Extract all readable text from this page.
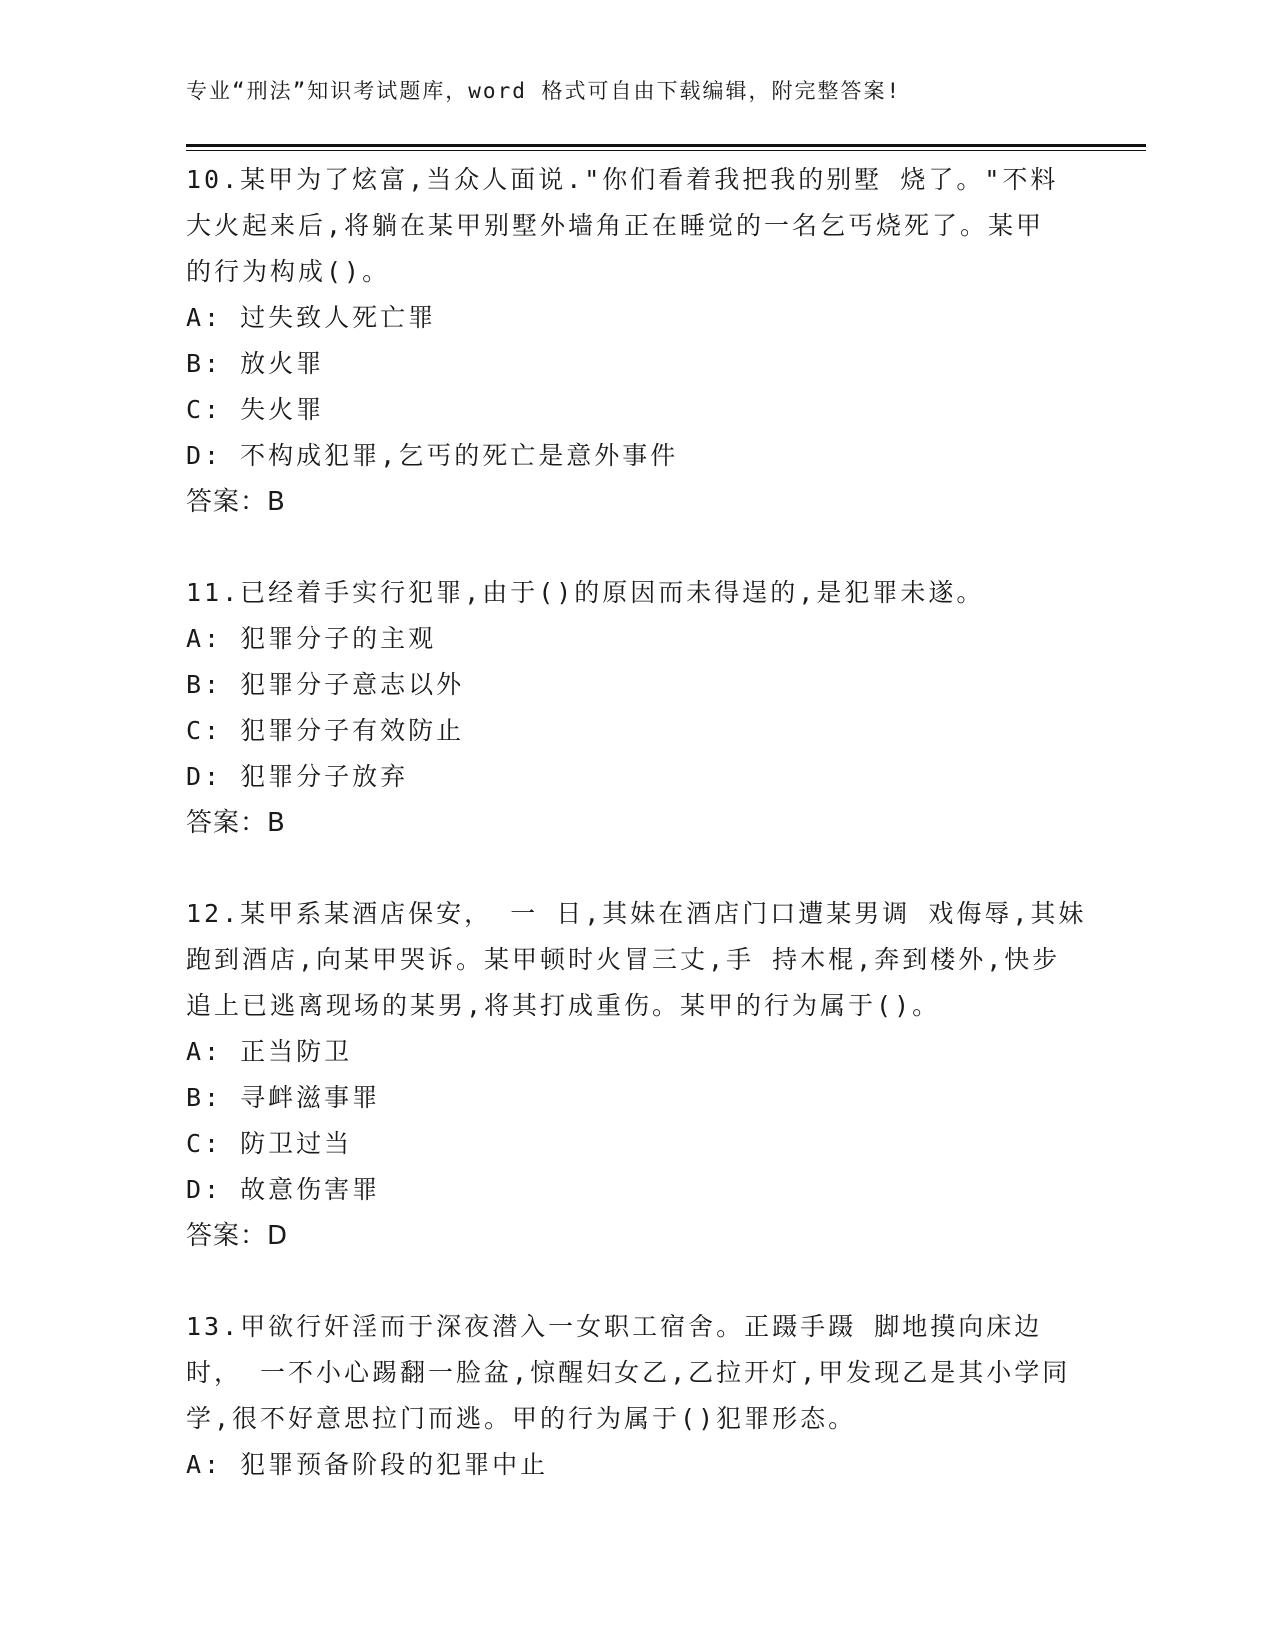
专业“刑法”知识考试题库，word 格式可自由下载编辑，附完整答案!
10.某甲为了炫富,当众人面说."你们看着我把我的别墅 烧了。"不料
大火起来后,将躺在某甲别墅外墙角正在睡觉的一名乞丐烧死了。某甲
的行为构成()。
A: 过失致人死亡罪
B: 放火罪
C: 失火罪
D: 不构成犯罪,乞丐的死亡是意外事件
答案：B
11.已经着手实行犯罪,由于()的原因而未得逞的,是犯罪未遂。
A: 犯罪分子的主观
B: 犯罪分子意志以外
C: 犯罪分子有效防止
D: 犯罪分子放弃
答案：B
12.某甲系某酒店保安， 一 日,其妹在酒店门口遭某男调 戏侮辱,其妹
跑到酒店,向某甲哭诉。某甲顿时火冒三丈,手 持木棍,奔到楼外,快步
追上已逃离现场的某男,将其打成重伤。某甲的行为属于()。
A: 正当防卫
B: 寻衅滋事罪
C: 防卫过当
D: 故意伤害罪
答案：D
13.甲欲行奸淫而于深夜潜入一女职工宿舍。正蹑手蹑 脚地摸向床边
时， 一不小心踢翻一脸盆,惊醒妇女乙,乙拉开灯,甲发现乙是其小学同
学,很不好意思拉门而逃。甲的行为属于()犯罪形态。
A: 犯罪预备阶段的犯罪中止
